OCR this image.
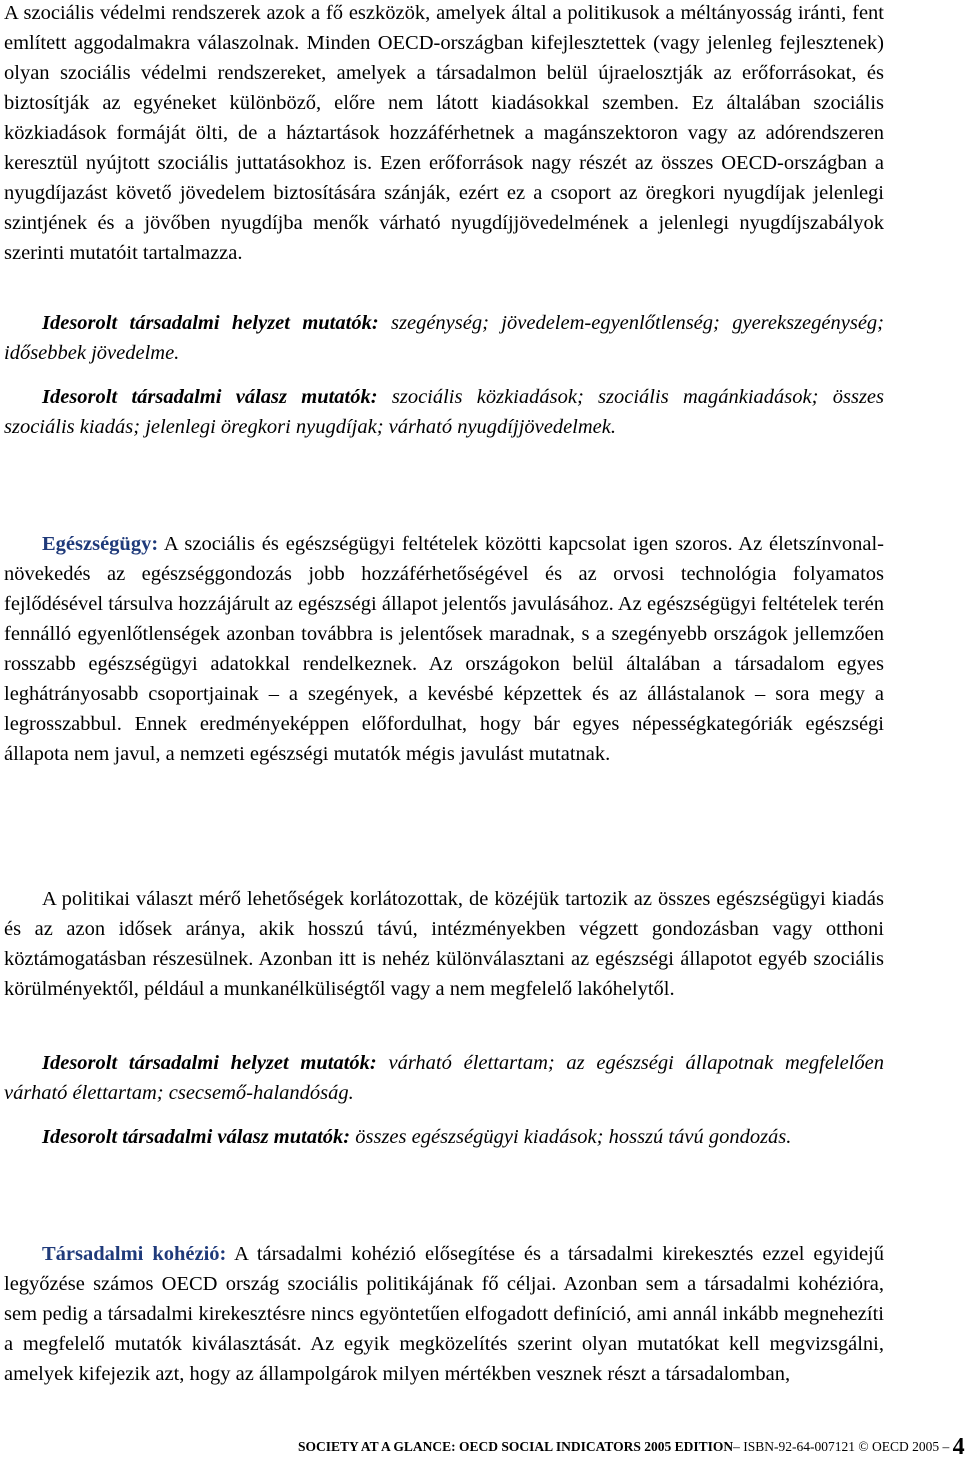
A szociális védelmi rendszerek azok a fő eszközök, amelyek által a politikusok a méltányosság iránti, fent említett aggodalmakra válaszolnak. Minden OECD-országban kifejlesztettek (vagy jelenleg fejlesztenek) olyan szociális védelmi rendszereket, amelyek a társadalmon belül újraelosztják az erőforrásokat, és biztosítják az egyéneket különböző, előre nem látott kiadásokkal szemben. Ez általában szociális közkiadások formáját ölti, de a háztartások hozzáférhetnek a magánszektoron vagy az adórendszeren keresztül nyújtott szociális juttatásokhoz is. Ezen erőforrások nagy részét az összes OECD-országban a nyugdíjazást követő jövedelem biztosítására szánják, ezért ez a csoport az öregkori nyugdíjak jelenlegi szintjének és a jövőben nyugdíjba menők várható nyugdíjjövedelmének a jelenlegi nyugdíjszabályok szerinti mutatóit tartalmazza.

Idesorolt társadalmi helyzet mutatók: szegénység; jövedelem-egyenlőtlenség; gyerekszegénység; idősebbek jövedelme.

Idesorolt társadalmi válasz mutatók: szociális közkiadások; szociális magánkiadások; összes szociális kiadás; jelenlegi öregkori nyugdíjak; várható nyugdíjjövedelmek.

Egészségügy: A szociális és egészségügyi feltételek közötti kapcsolat igen szoros. Az életszínvonal-növekedés az egészséggondozás jobb hozzáférhetőségével és az orvosi technológia folyamatos fejlődésével társulva hozzájárult az egészségi állapot jelentős javulásához. Az egészségügyi feltételek terén fennálló egyenlőtlenségek azonban továbbra is jelentősek maradnak, s a szegényebb országok jellemzően rosszabb egészségügyi adatokkal rendelkeznek. Az országokon belül általában a társadalom egyes leghátrányosabb csoportjainak – a szegények, a kevésbé képzettek és az állástalanok – sora megy a legrosszabbul. Ennek eredményeképpen előfordulhat, hogy bár egyes népességkategóriák egészségi állapota nem javul, a nemzeti egészségi mutatók mégis javulást mutatnak.

A politikai választ mérő lehetőségek korlátozottak, de közéjük tartozik az összes egészségügyi kiadás és az azon idősek aránya, akik hosszú távú, intézményekben végzett gondozásban vagy otthoni köztámogatásban részesülnek. Azonban itt is nehéz különválasztani az egészségi állapotot egyéb szociális körülményektől, például a munkanélküliségtől vagy a nem megfelelő lakóhelytől.

Idesorolt társadalmi helyzet mutatók: várható élettartam; az egészségi állapotnak megfelelően várható élettartam; csecsemő-halandóság.

Idesorolt társadalmi válasz mutatók: összes egészségügyi kiadások; hosszú távú gondozás.

Társadalmi kohézió: A társadalmi kohézió elősegítése és a társadalmi kirekesztés ezzel egyidejű legyőzése számos OECD ország szociális politikájának fő céljai. Azonban sem a társadalmi kohézióra, sem pedig a társadalmi kirekesztésre nincs egyöntetűen elfogadott definíció, ami annál inkább megnehezíti a megfelelő mutatók kiválasztását. Az egyik megközelítés szerint olyan mutatókat kell megvizsgálni, amelyek kifejezik azt, hogy az állampolgárok milyen mértékben vesznek részt a társadalomban,

SOCIETY AT A GLANCE: OECD SOCIAL INDICATORS 2005 EDITION– ISBN-92-64-007121 © OECD 2005 – 4
